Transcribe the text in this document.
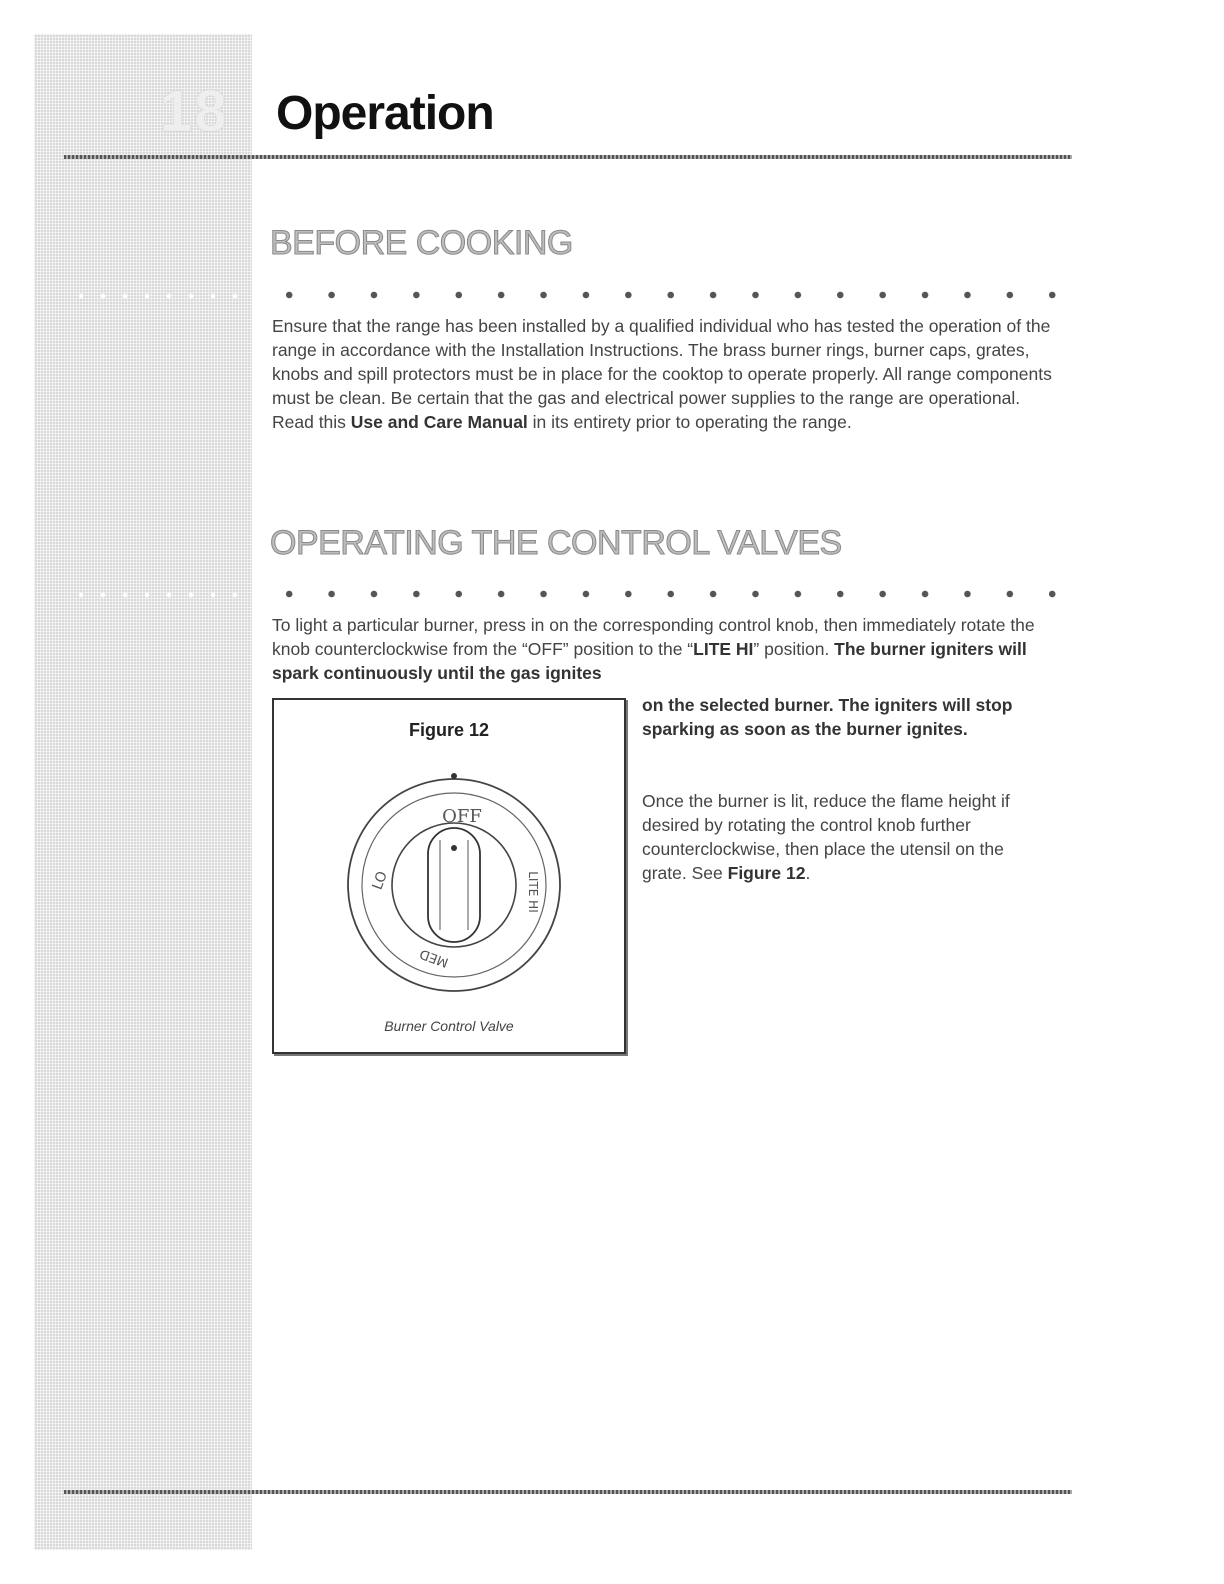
18 Operation
BEFORE COOKING
Ensure that the range has been installed by a qualified individual who has tested the operation of the range in accordance with the Installation Instructions. The brass burner rings, burner caps, grates, knobs and spill protectors must be in place for the cooktop to operate properly. All range components must be clean. Be certain that the gas and electrical power supplies to the range are operational. Read this Use and Care Manual in its entirety prior to operating the range.
OPERATING THE CONTROL VALVES
To light a particular burner, press in on the corresponding control knob, then immediately rotate the knob counterclockwise from the “OFF” position to the “LITE HI” position. The burner igniters will spark continuously until the gas ignites
on the selected burner. The igniters will stop sparking as soon as the burner ignites.
Once the burner is lit, reduce the flame height if desired by rotating the control knob further counterclockwise, then place the utensil on the grate. See Figure 12.
Figure 12
OFF
LO	LITE HI
MED
Burner Control Valve
